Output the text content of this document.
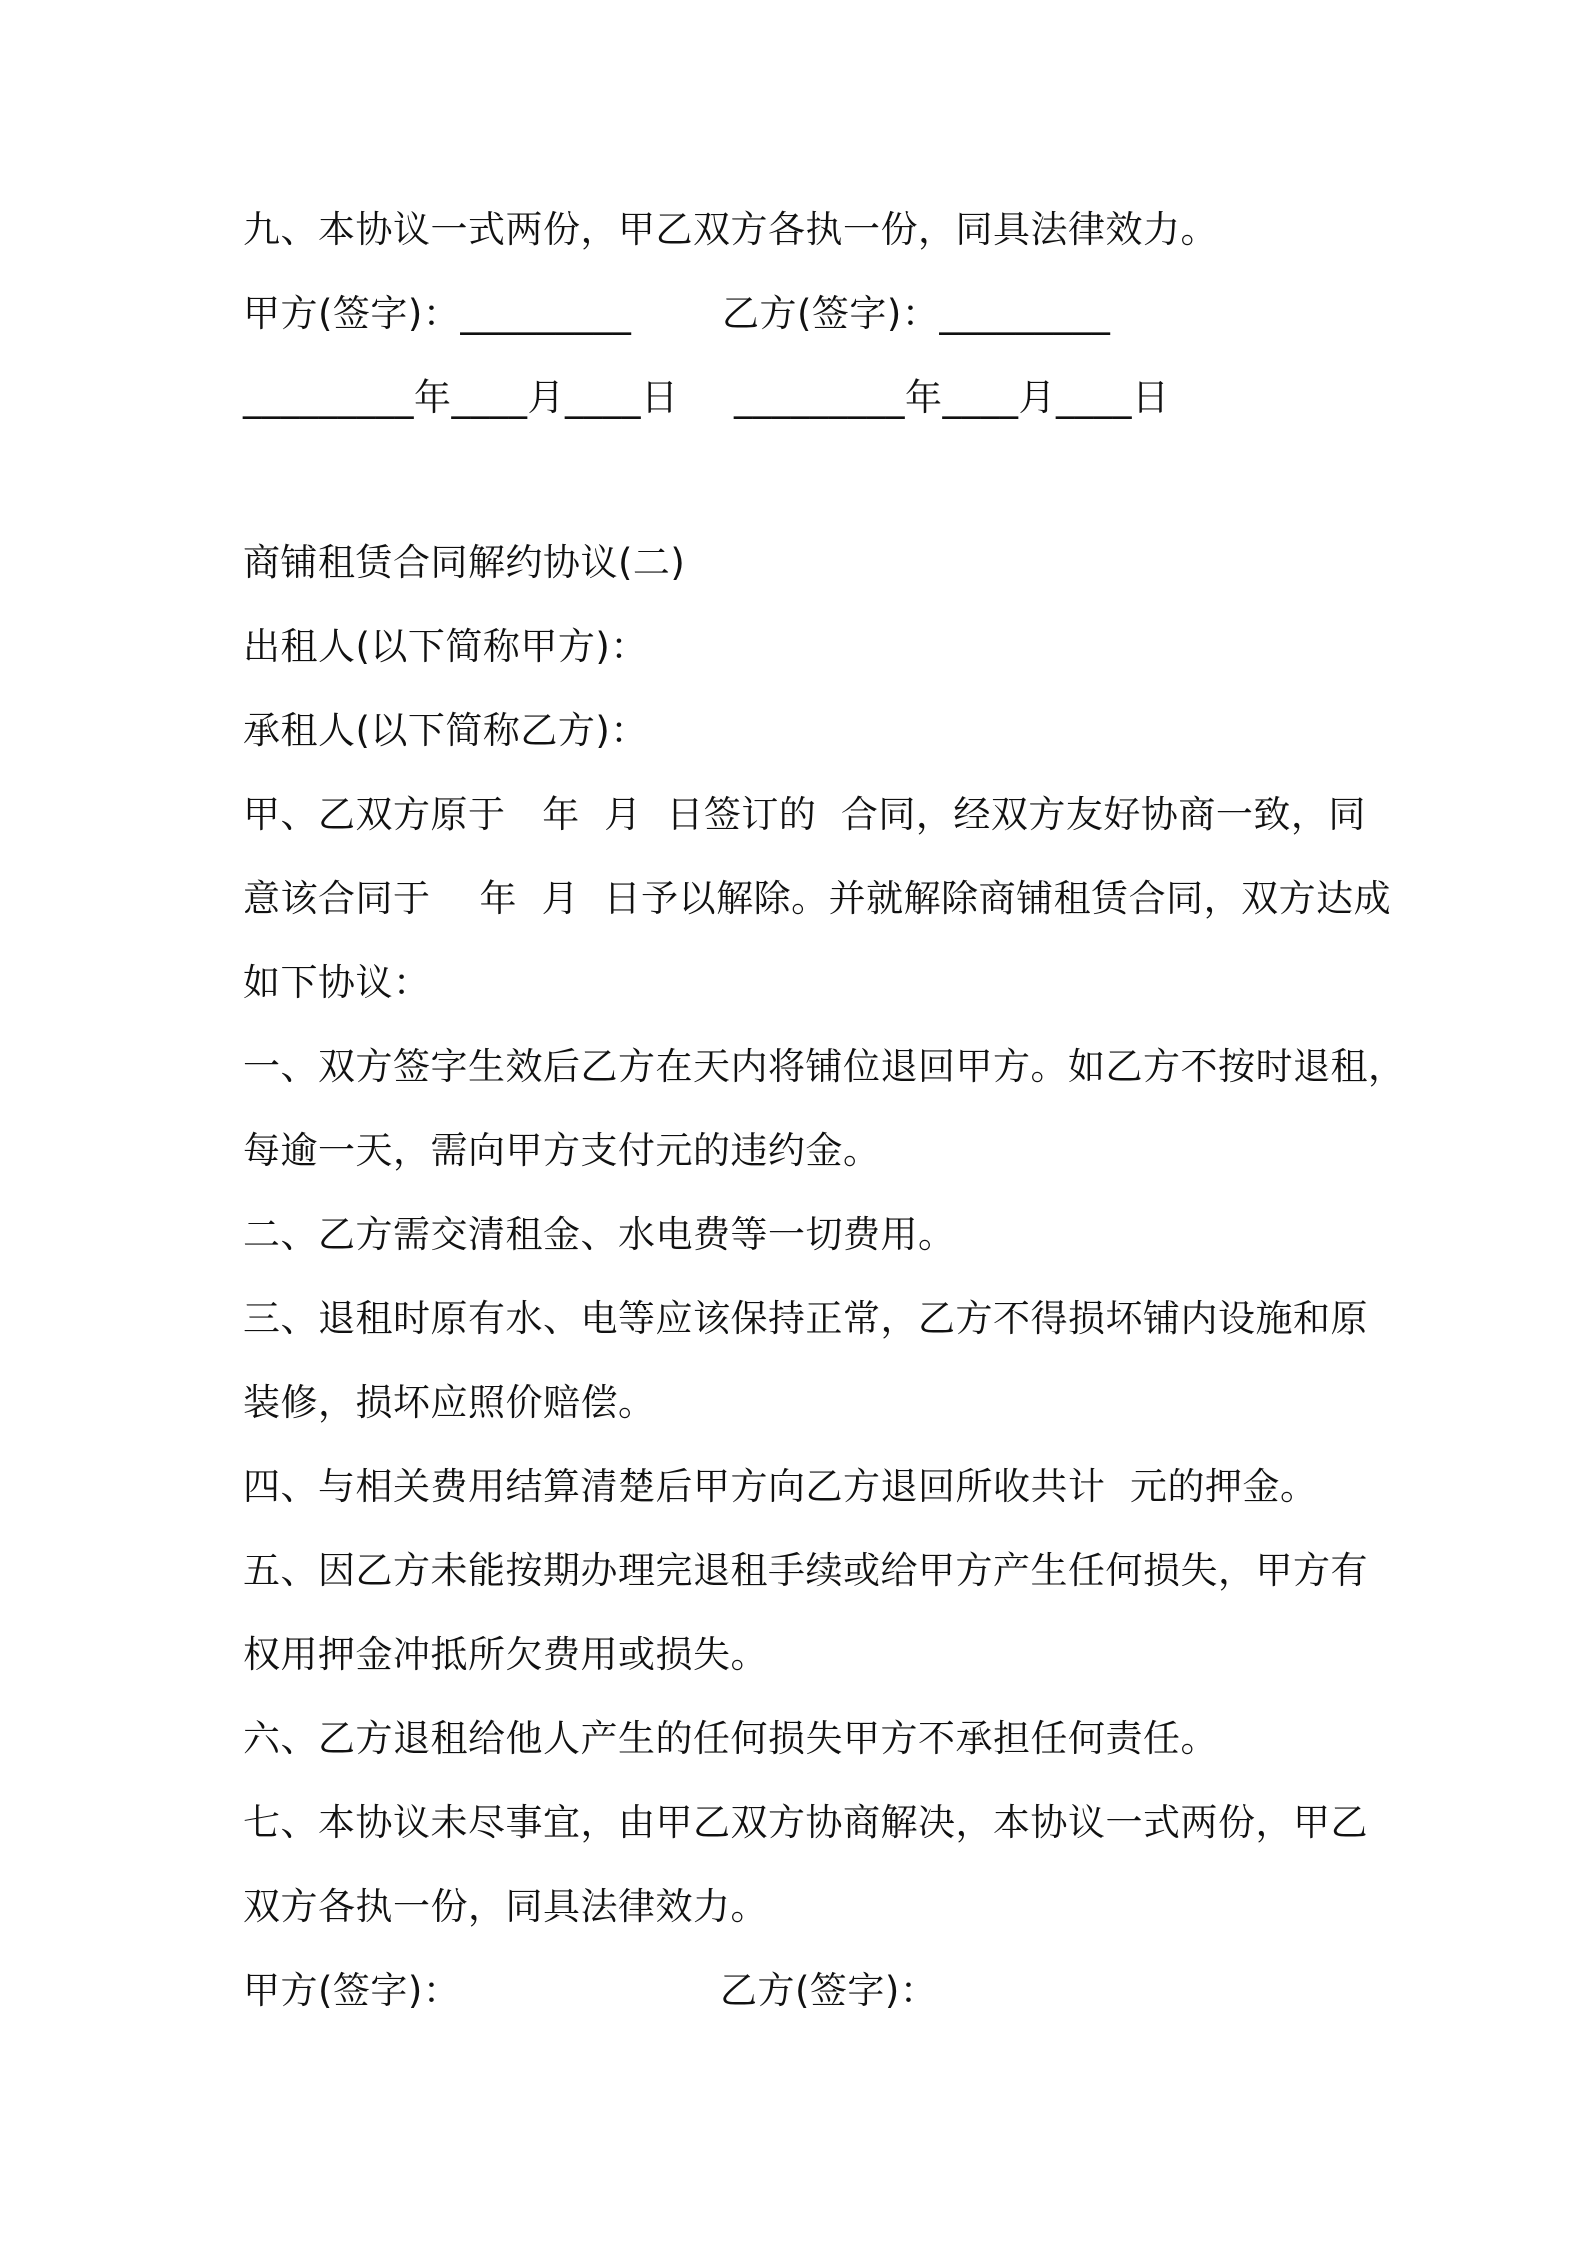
九、本协议一式两份，甲乙双方各执一份，同具法律效力。
甲方(签字)：_________ 乙方(签字)：_________
_________年____月____日 _________年____月____日
商铺租赁合同解约协议(二)
出租人(以下简称甲方)：
承租人(以下简称乙方)：
甲、乙双方原于   年  月  日签订的  合同，经双方友好协商一致，同
意该合同于    年  月  日予以解除。并就解除商铺租赁合同，双方达成
如下协议：
一、双方签字生效后乙方在天内将铺位退回甲方。如乙方不按时退租，
每逾一天，需向甲方支付元的违约金。
二、乙方需交清租金、水电费等一切费用。
三、退租时原有水、电等应该保持正常，乙方不得损坏铺内设施和原
装修，损坏应照价赔偿。
四、与相关费用结算清楚后甲方向乙方退回所收共计  元的押金。
五、因乙方未能按期办理完退租手续或给甲方产生任何损失，甲方有
权用押金冲抵所欠费用或损失。
六、乙方退租给他人产生的任何损失甲方不承担任何责任。
七、本协议未尽事宜，由甲乙双方协商解决，本协议一式两份，甲乙
双方各执一份，同具法律效力。
甲方(签字)：	乙方(签字)：
